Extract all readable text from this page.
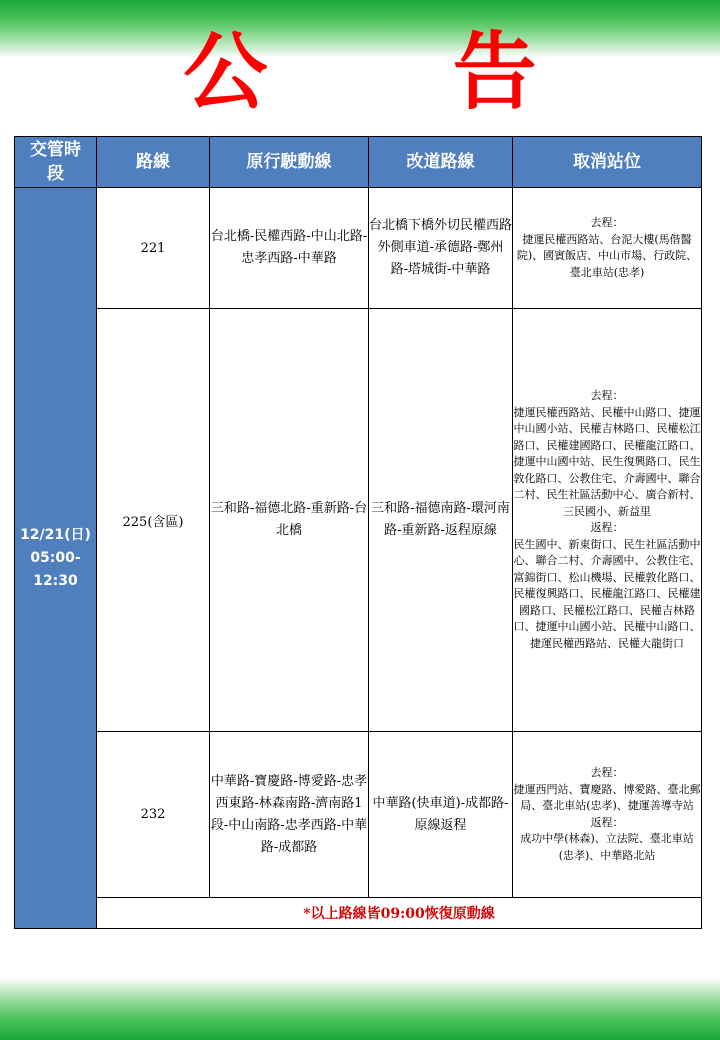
公 告
交管時段	路線	原行駛動線	改道路線	取消站位

12/21(日)
05:00-
12:30	221	台北橋-民權西路-中山北路-忠孝西路-中華路	台北橋下橋外切民權西路外側車道-承德路-鄭州路-塔城街-中華路	去程：
捷運民權西路站、台泥大樓(馬偕醫院)、國賓飯店、中山市場、行政院、臺北車站(忠孝)

	225(含區)	三和路-福德北路-重新路-台北橋	三和路-福德南路-環河南路-重新路-返程原線	去程：
捷運民權西路站、民權中山路口、捷運中山國小站、民權吉林路口、民權松江路口、民權建國路口、民權龍江路口、捷運中山國中站、民生復興路口、民生敦化路口、公教住宅、介壽國中、聯合二村、民生社區活動中心、廣合新村、三民國小、新益里
返程：
民生國中、新東街口、民生社區活動中心、聯合二村、介壽國中、公教住宅、富錦街口、松山機場、民權敦化路口、民權復興路口、民權龍江路口、民權建國路口、民權松江路口、民權吉林路口、捷運中山國小站、民權中山路口、捷運民權西路站、民權大龍街口

	232	中華路-寶慶路-博愛路-忠孝西東路-林森南路-濟南路1段-中山南路-忠孝西路-中華路-成都路	中華路(快車道)-成都路-原線返程	去程：
捷運西門站、寶慶路、博愛路、臺北郵局、臺北車站(忠孝)、捷運善導寺站
返程：
成功中學(林森)、立法院、臺北車站(忠孝)、中華路北站

	*以上路線皆09:00恢復原動線			
